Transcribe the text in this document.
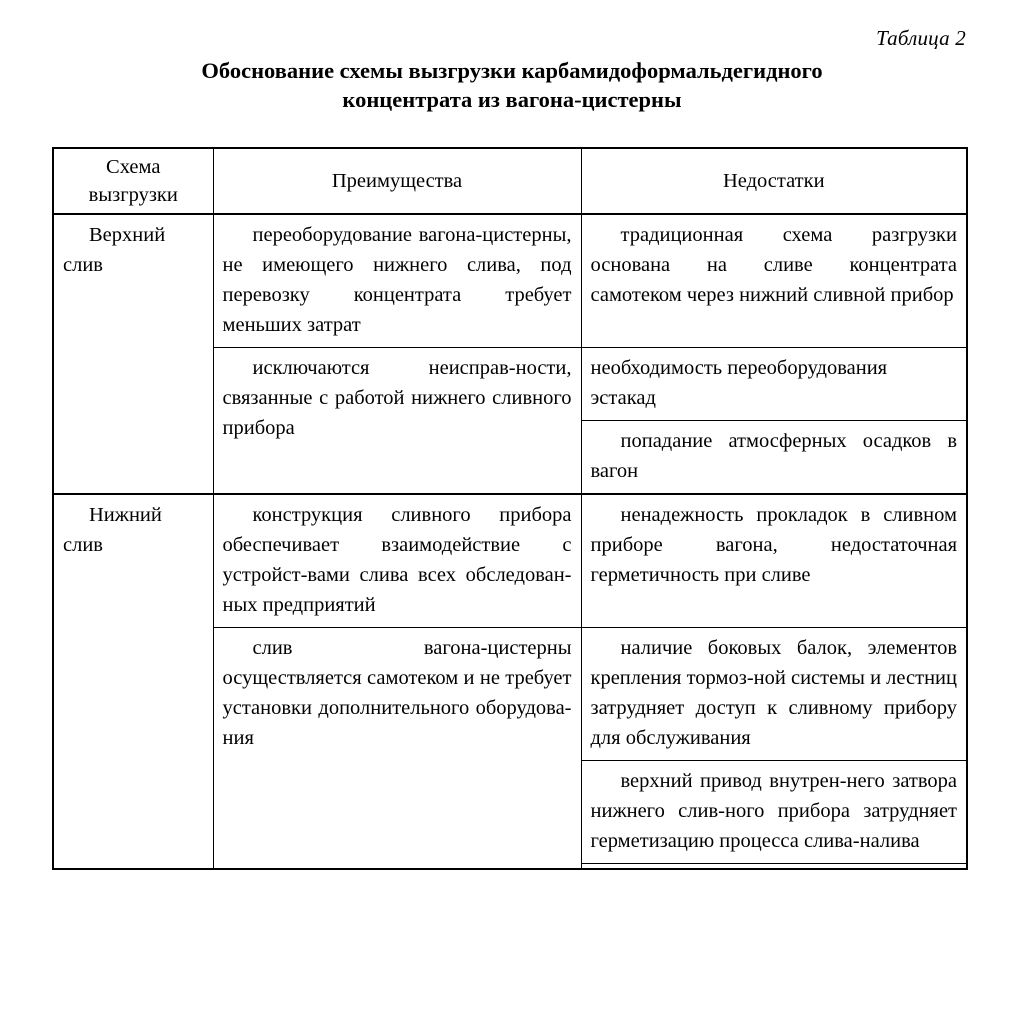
Таблица 2
Обоснование схемы вызгрузки карбамидоформальдегидного
концентрата из вагона-цистерны
Схема
вызгрузки	Преимущества	Недостатки

Верхний слив	переоборудование вагона-цистерны, не имеющего нижнего слива, под перевозку концентрата требует меньших затрат	традиционная схема разгрузки основана на сливе концентрата самотеком через нижний сливной прибор

	исключаются неисправ-ности, связанные с работой нижнего сливного прибора	необходимость переоборудования эстакад

		попадание атмосферных осадков в вагон

Нижний слив	конструкция сливного прибора обеспечивает взаимодействие с устройст-вами слива всех обследован-ных предприятий	ненадежность прокладок в сливном приборе вагона, недостаточная герметичность при сливе

	слив вагона-цистерны осуществляется самотеком и не требует установки дополнительного оборудова-ния	наличие боковых балок, элементов крепления тормоз-ной системы и лестниц затрудняет доступ к сливному прибору для обслуживания

		верхний привод внутрен-него затвора нижнего слив-ного прибора затрудняет герметизацию процесса слива-налива
